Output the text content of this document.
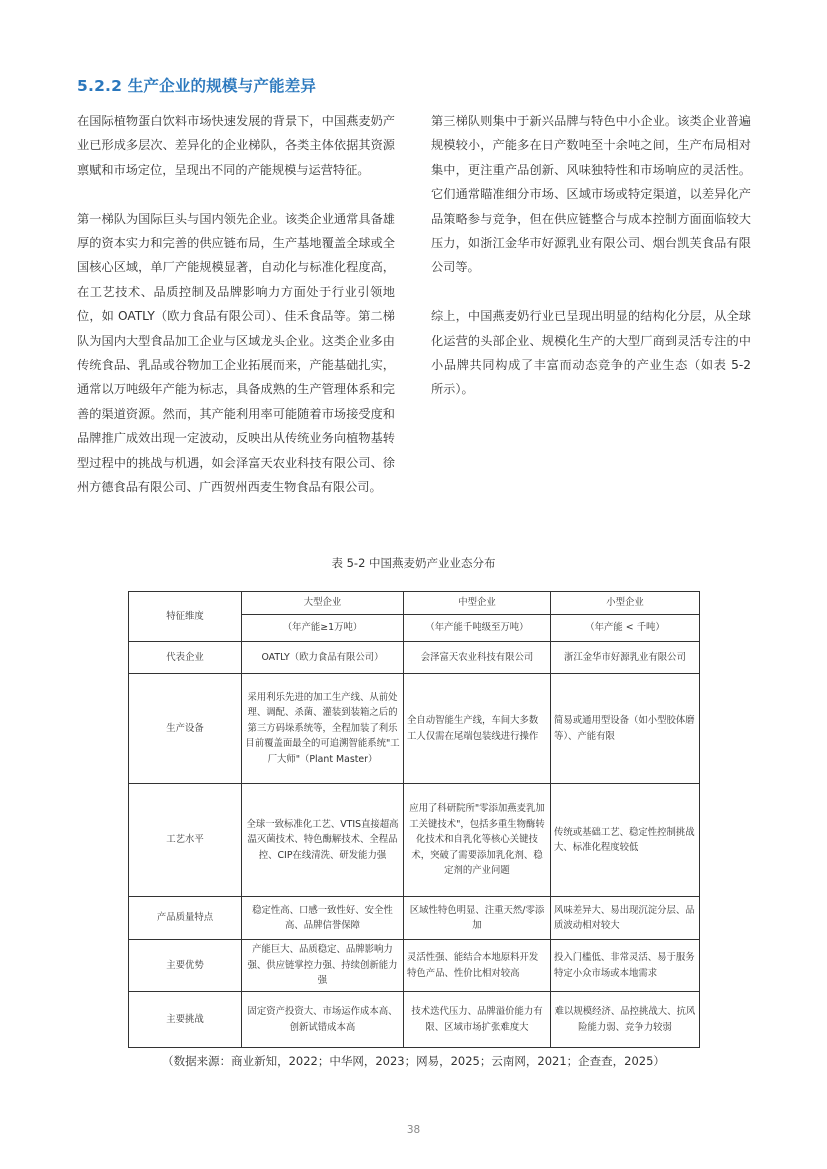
5.2.2 生产企业的规模与产能差异

在国际植物蛋白饮料市场快速发展的背景下，中国燕麦奶产业已形成多层次、差异化的企业梯队，各类主体依据其资源禀赋和市场定位，呈现出不同的产能规模与运营特征。

第一梯队为国际巨头与国内领先企业。该类企业通常具备雄厚的资本实力和完善的供应链布局，生产基地覆盖全球或全国核心区域，单厂产能规模显著，自动化与标准化程度高，在工艺技术、品质控制及品牌影响力方面处于行业引领地位，如 OATLY（欧力食品有限公司）、佳禾食品等。第二梯队为国内大型食品加工企业与区域龙头企业。这类企业多由传统食品、乳品或谷物加工企业拓展而来，产能基础扎实，通常以万吨级年产能为标志，具备成熟的生产管理体系和完善的渠道资源。然而，其产能利用率可能随着市场接受度和品牌推广成效出现一定波动，反映出从传统业务向植物基转型过程中的挑战与机遇，如会泽富天农业科技有限公司、徐州方德食品有限公司、广西贺州西麦生物食品有限公司。

第三梯队则集中于新兴品牌与特色中小企业。该类企业普遍规模较小，产能多在日产数吨至十余吨之间，生产布局相对集中，更注重产品创新、风味独特性和市场响应的灵活性。它们通常瞄准细分市场、区域市场或特定渠道，以差异化产品策略参与竞争，但在供应链整合与成本控制方面面临较大压力，如浙江金华市好源乳业有限公司、烟台凯芙食品有限公司等。

综上，中国燕麦奶行业已呈现出明显的结构化分层，从全球化运营的头部企业、规模化生产的大型厂商到灵活专注的中小品牌共同构成了丰富而动态竞争的产业生态（如表 5-2 所示）。

表 5-2 中国燕麦奶产业业态分布
特征维度	大型企业	中型企业	小型企业
	（年产能≥1万吨）	（年产能千吨级至万吨）	（年产能 < 千吨）
代表企业	OATLY（欧力食品有限公司）	会泽富天农业科技有限公司	浙江金华市好源乳业有限公司
生产设备	采用利乐先进的加工生产线、从前处理、调配、杀菌、灌装到装箱之后的第三方码垛系统等，全程加装了利乐目前覆盖面最全的可追溯智能系统"工厂大师"（Plant Master）	全自动智能生产线，车间大多数工人仅需在尾端包装线进行操作	简易或通用型设备（如小型胶体磨等）、产能有限
工艺水平	全球一致标准化工艺、VTIS直接超高温灭菌技术、特色酶解技术、全程品控、CIP在线清洗、研发能力强	应用了科研院所"零添加燕麦乳加工关键技术"，包括多重生物酶转化技术和自乳化等核心关键技术，突破了需要添加乳化剂、稳定剂的产业问题	传统或基础工艺、稳定性控制挑战大、标准化程度较低
产品质量特点	稳定性高、口感一致性好、安全性高、品牌信誉保障	区域性特色明显、注重天然/零添加	风味差异大、易出现沉淀分层、品质波动相对较大
主要优势	产能巨大、品质稳定、品牌影响力强、供应链掌控力强、持续创新能力强	灵活性强、能结合本地原料开发特色产品、性价比相对较高	投入门槛低、非常灵活、易于服务特定小众市场或本地需求
主要挑战	固定资产投资大、市场运作成本高、创新试错成本高	技术迭代压力、品牌溢价能力有限、区域市场扩张难度大	难以规模经济、品控挑战大、抗风险能力弱、竞争力较弱
（数据来源：商业新知，2022；中华网，2023；网易，2025；云南网，2021；企查查，2025）
38
